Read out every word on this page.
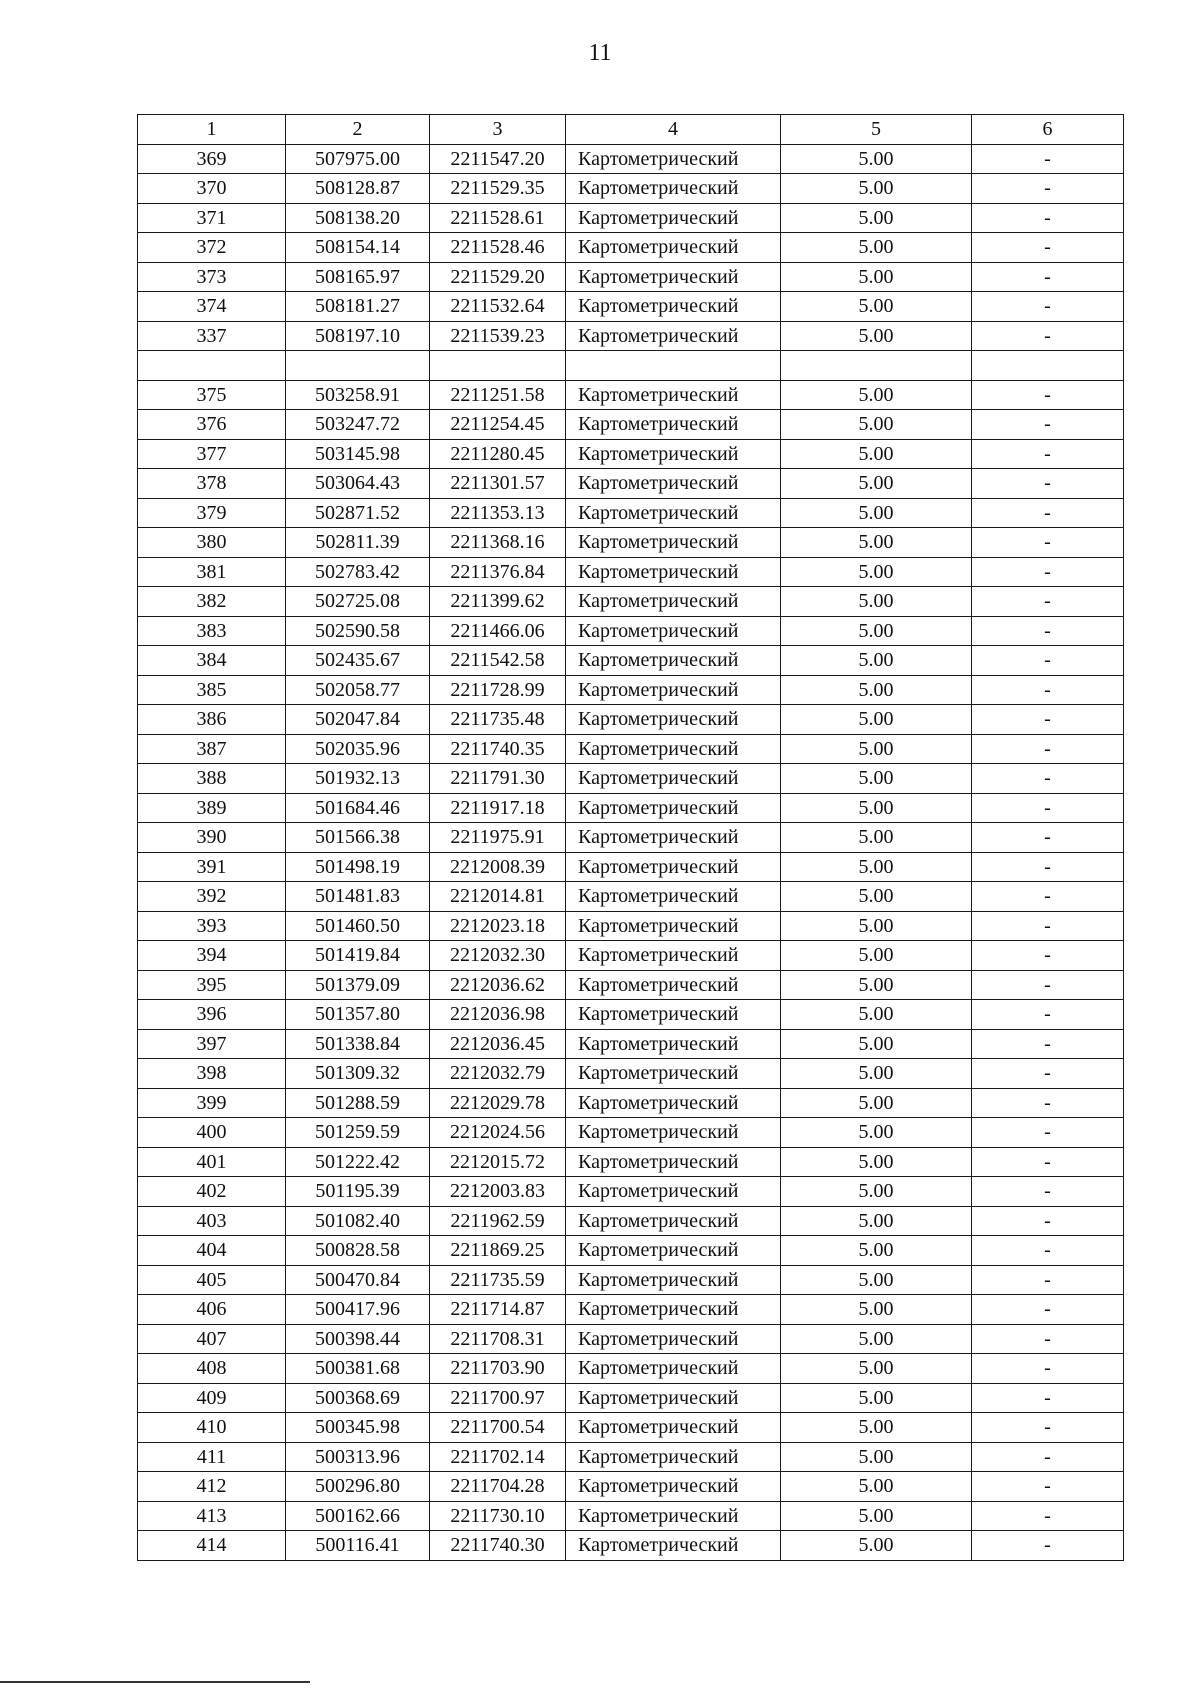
11
1	2	3	4	5	6
369	507975.00	2211547.20	Картометрический	5.00	-
370	508128.87	2211529.35	Картометрический	5.00	-
371	508138.20	2211528.61	Картометрический	5.00	-
372	508154.14	2211528.46	Картометрический	5.00	-
373	508165.97	2211529.20	Картометрический	5.00	-
374	508181.27	2211532.64	Картометрический	5.00	-
337	508197.10	2211539.23	Картометрический	5.00	-

375	503258.91	2211251.58	Картометрический	5.00	-
376	503247.72	2211254.45	Картометрический	5.00	-
377	503145.98	2211280.45	Картометрический	5.00	-
378	503064.43	2211301.57	Картометрический	5.00	-
379	502871.52	2211353.13	Картометрический	5.00	-
380	502811.39	2211368.16	Картометрический	5.00	-
381	502783.42	2211376.84	Картометрический	5.00	-
382	502725.08	2211399.62	Картометрический	5.00	-
383	502590.58	2211466.06	Картометрический	5.00	-
384	502435.67	2211542.58	Картометрический	5.00	-
385	502058.77	2211728.99	Картометрический	5.00	-
386	502047.84	2211735.48	Картометрический	5.00	-
387	502035.96	2211740.35	Картометрический	5.00	-
388	501932.13	2211791.30	Картометрический	5.00	-
389	501684.46	2211917.18	Картометрический	5.00	-
390	501566.38	2211975.91	Картометрический	5.00	-
391	501498.19	2212008.39	Картометрический	5.00	-
392	501481.83	2212014.81	Картометрический	5.00	-
393	501460.50	2212023.18	Картометрический	5.00	-
394	501419.84	2212032.30	Картометрический	5.00	-
395	501379.09	2212036.62	Картометрический	5.00	-
396	501357.80	2212036.98	Картометрический	5.00	-
397	501338.84	2212036.45	Картометрический	5.00	-
398	501309.32	2212032.79	Картометрический	5.00	-
399	501288.59	2212029.78	Картометрический	5.00	-
400	501259.59	2212024.56	Картометрический	5.00	-
401	501222.42	2212015.72	Картометрический	5.00	-
402	501195.39	2212003.83	Картометрический	5.00	-
403	501082.40	2211962.59	Картометрический	5.00	-
404	500828.58	2211869.25	Картометрический	5.00	-
405	500470.84	2211735.59	Картометрический	5.00	-
406	500417.96	2211714.87	Картометрический	5.00	-
407	500398.44	2211708.31	Картометрический	5.00	-
408	500381.68	2211703.90	Картометрический	5.00	-
409	500368.69	2211700.97	Картометрический	5.00	-
410	500345.98	2211700.54	Картометрический	5.00	-
411	500313.96	2211702.14	Картометрический	5.00	-
412	500296.80	2211704.28	Картометрический	5.00	-
413	500162.66	2211730.10	Картометрический	5.00	-
414	500116.41	2211740.30	Картометрический	5.00	-
